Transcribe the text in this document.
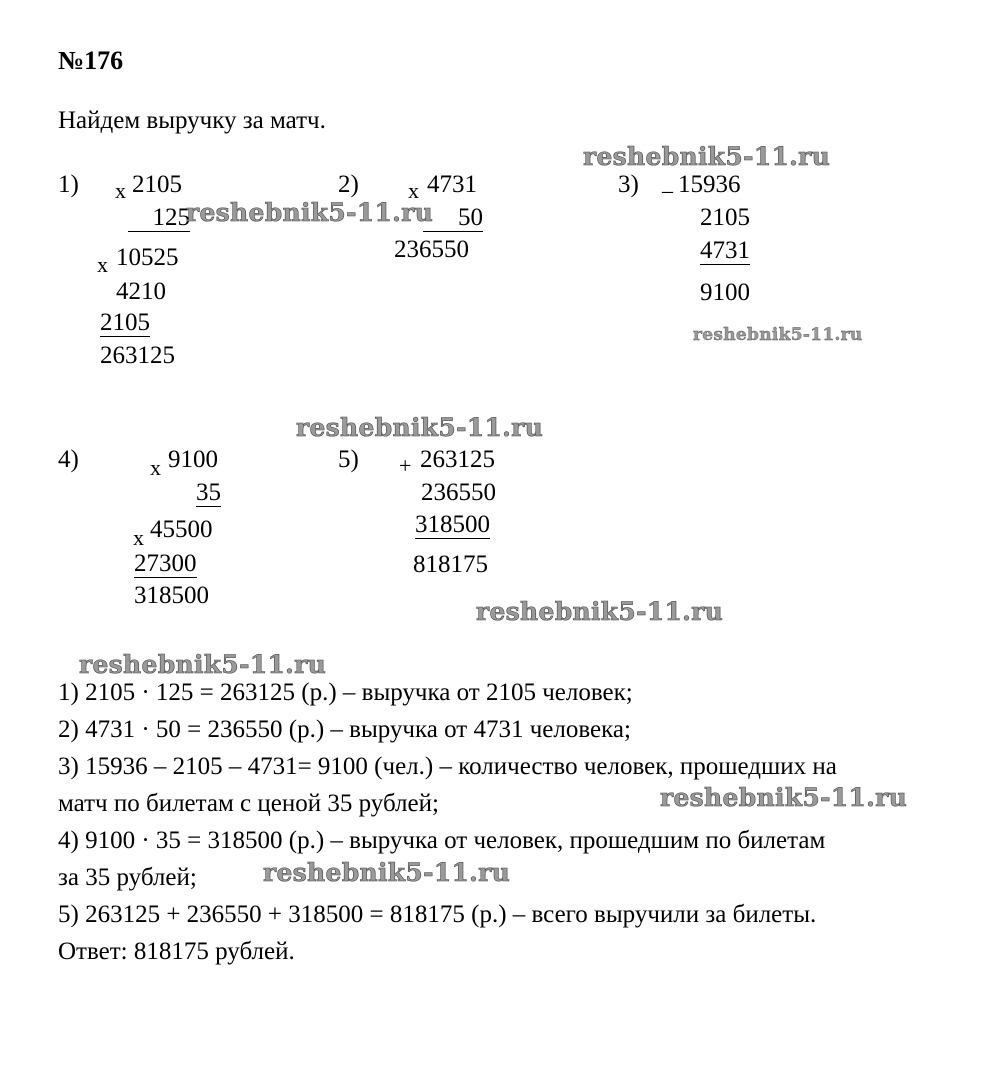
№176
Найдем выручку за матч.
1) x 2105
125
x 10525
4210
2105
263125
2) x 4731
50
236550
3) _ 15936
2105
4731
9100
4)	x 9100
35
x 45500
27300
318500
5) + 263125
236550
318500
818175
1) 2105 · 125 = 263125 (р.) – выручка от 2105 человек;
2) 4731 · 50 = 236550 (р.) – выручка от 4731 человека;
3) 15936 – 2105 – 4731= 9100 (чел.) – количество человек, прошедших на
матч по билетам с ценой 35 рублей;
4) 9100 · 35 = 318500 (р.) – выручка от человек, прошедшим по билетам
за 35 рублей;
5) 263125 + 236550 + 318500 = 818175 (р.) – всего выручили за билеты.
Ответ: 818175 рублей.
reshebnik5-11.ru
reshebnik5-11.ru
reshebnik5-11.ru
reshebnik5-11.ru
reshebnik5-11.ru
reshebnik5-11.ru
reshebnik5-11.ru
reshebnik5-11.ru
